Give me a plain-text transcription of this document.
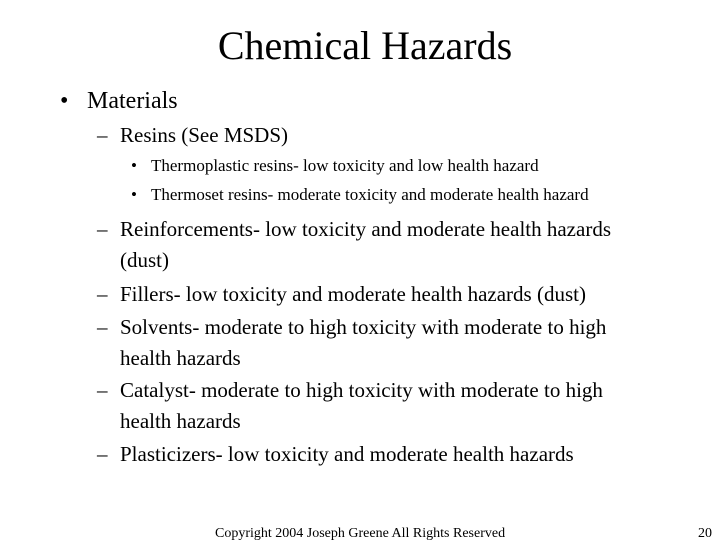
Chemical Hazards
• Materials
– Resins (See MSDS)
• Thermoplastic resins- low toxicity and low health hazard
• Thermoset resins- moderate toxicity and moderate health hazard
– Reinforcements- low toxicity and moderate health hazards
(dust)
– Fillers- low toxicity and moderate health hazards (dust)
– Solvents- moderate to high toxicity with moderate to high
health hazards
– Catalyst- moderate to high toxicity with moderate to high
health hazards
– Plasticizers- low toxicity and moderate health hazards
Copyright 2004 Joseph Greene All Rights Reserved	20
